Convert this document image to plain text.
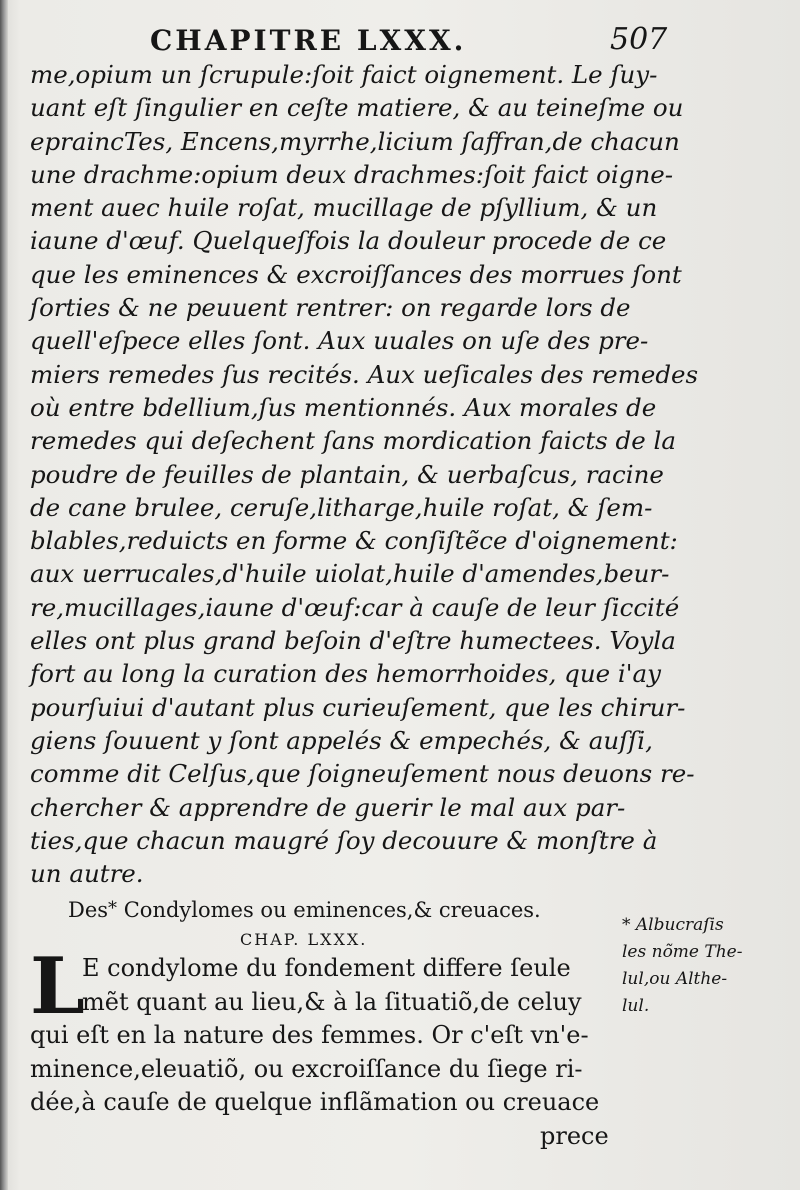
CHAPITRE LXXX.	507

me,opium un ſcrupule:ſoit faict oignement. Le ſuy-
uant eſt ſingulier en ceſte matiere, & au teineſme ou
epraincTes, Encens,myrrhe,licium ſaffran,de chacun
une drachme:opium deux drachmes:ſoit faict oigne-
ment auec huile roſat, mucillage de pſyllium, & un
iaune d'œuf. Quelqueſfois la douleur procede de ce
que les eminences & excroiſſances des morrues ſont
ſorties & ne peuuent rentrer: on regarde lors de
quell'eſpece elles ſont. Aux uuales on uſe des pre-
miers remedes ſus recités. Aux ueſicales des remedes
où entre bdellium,ſus mentionnés. Aux morales de
remedes qui deſechent ſans mordication faicts de la
poudre de feuilles de plantain, & uerbaſcus, racine
de cane brulee, ceruſe,litharge,huile roſat, & ſem-
blables,reduicts en forme & conſiſtẽce d'oignement:
aux uerrucales,d'huile uiolat,huile d'amendes,beur-
re,mucillages,iaune d'œuf:car à cauſe de leur ſiccité
elles ont plus grand beſoin d'eſtre humectees. Voyla
fort au long la curation des hemorrhoides, que i'ay
pourſuiui d'autant plus curieuſement, que les chirur-
giens ſouuent y ſont appelés & empechés, & auſſi,
comme dit Celſus,que ſoigneuſement nous deuons re-
chercher & apprendre de guerir le mal aux par-
ties,que chacun maugré ſoy decouure & monſtre à
un autre.

Des* Condylomes ou eminences,& creuaces.
CHAP. LXXX.
L
E condylome du fondement differe ſeule
mẽt quant au lieu,& à la ſituatiõ,de celuy
qui eſt en la nature des femmes. Or c'eſt vn'e-
minence,eleuatiõ, ou excroiſſance du ſiege ri-
dée,à cauſe de quelque inflãmation ou creuace
prece
* Albucraſis
les nõme The-
lul,ou Althe-
lul.
